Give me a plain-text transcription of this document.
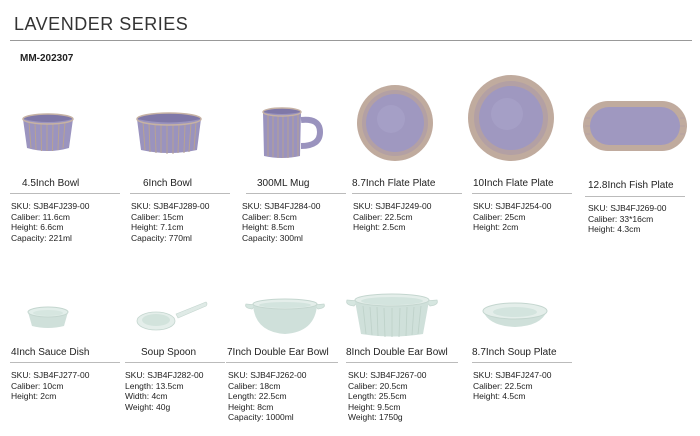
LAVENDER SERIES
MM-202307
4.5Inch Bowl	6Inch Bowl	300ML Mug	8.7Inch Flate Plate	10Inch Flate Plate	12.8Inch Fish Plate
SKU: SJB4FJ239-00
Caliber: 11.6cm
Height: 6.6cm
Capacity: 221ml
SKU: SJB4FJ289-00
Caliber: 15cm
Height: 7.1cm
Capacity: 770ml
SKU: SJB4FJ284-00
Caliber: 8.5cm
Height: 8.5cm
Capacity: 300ml
SKU: SJB4FJ249-00
Caliber: 22.5cm
Height: 2.5cm
SKU: SJB4FJ254-00
Caliber: 25cm
Height: 2cm
SKU: SJB4FJ269-00
Caliber: 33*16cm
Height: 4.3cm
4Inch Sauce Dish	Soup Spoon	7Inch Double Ear Bowl 8Inch Double Ear Bowl 8.7Inch Soup Plate
SKU: SJB4FJ277-00
Caliber: 10cm
Height: 2cm
SKU: SJB4FJ282-00
Length: 13.5cm
Width: 4cm
Weight: 40g
SKU: SJB4FJ262-00
Caliber: 18cm
Length: 22.5cm
Height: 8cm
Capacity: 1000ml
SKU: SJB4FJ267-00
Caliber: 20.5cm
Length: 25.5cm
Height: 9.5cm
Weight: 1750g
SKU: SJB4FJ247-00
Caliber: 22.5cm
Height: 4.5cm
